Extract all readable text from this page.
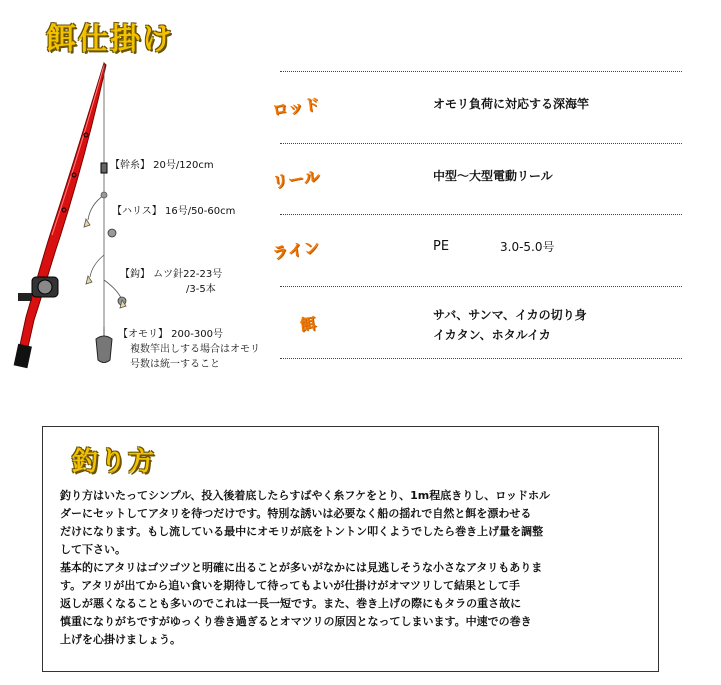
餌仕掛け
【幹糸】 20号/120cm
【ハリス】 16号/50-60cm
【鈎】 ムツ針22-23号
/3-5本
【オモリ】 200-300号
複数竿出しする場合はオモリ
号数は統一すること
ロッド	オモリ負荷に対応する深海竿
リール	中型～大型電動リール
ライン	PE	3.0-5.0号
餌	サバ、サンマ、イカの切り身
イカタン、ホタルイカ
釣り方

釣り方はいたってシンプル、投入後着底したらすばやく糸フケをとり、1m程底きりし、ロッドホル

ダーにセットしてアタリを待つだけです。特別な誘いは必要なく船の揺れで自然と餌を漂わせる

だけになります。もし流している最中にオモリが底をトントン叩くようでしたら巻き上げ量を調整

して下さい。

基本的にアタリはゴツゴツと明確に出ることが多いがなかには見逃しそうな小さなアタリもありま

す。アタリが出てから追い食いを期待して待ってもよいが仕掛けがオマツリして結果として手

返しが悪くなることも多いのでこれは一長一短です。また、巻き上げの際にもタラの重さ故に

慎重になりがちですがゆっくり巻き過ぎるとオマツリの原因となってしまいます。中速での巻き

上げを心掛けましょう。
